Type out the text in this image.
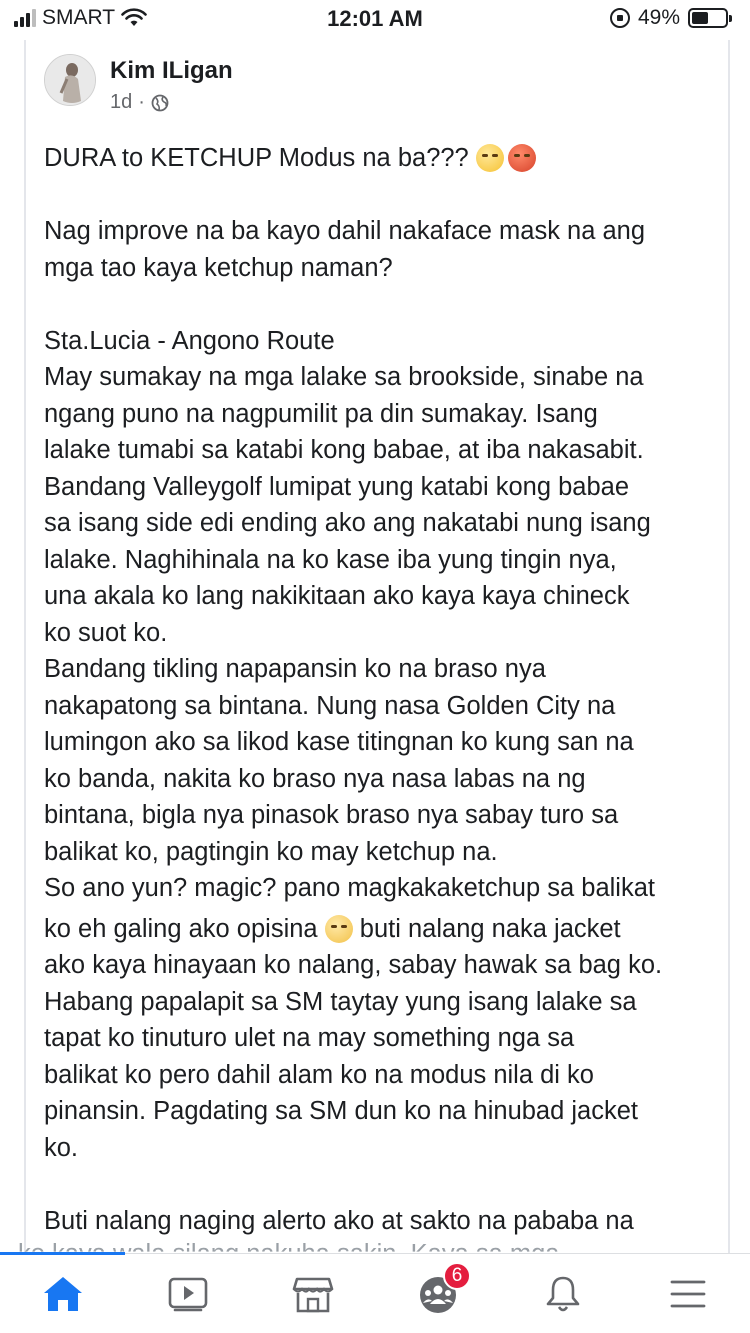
SMART	12:01 AM	49%
Kim ILigan
1d ·

DURA to KETCHUP Modus na ba???

Nag improve na ba kayo dahil nakaface mask na ang

mga tao kaya ketchup naman?

Sta.Lucia - Angono Route

May sumakay na mga lalake sa brookside, sinabe na

ngang puno na nagpumilit pa din sumakay. Isang

lalake tumabi sa katabi kong babae, at iba nakasabit.

Bandang Valleygolf lumipat yung katabi kong babae

sa isang side edi ending ako ang nakatabi nung isang

lalake. Naghihinala na ko kase iba yung tingin nya,

una akala ko lang nakikitaan ako kaya kaya chineck

ko suot ko.

Bandang tikling napapansin ko na braso nya

nakapatong sa bintana. Nung nasa Golden City na

lumingon ako sa likod kase titingnan ko kung san na

ko banda, nakita ko braso nya nasa labas na ng

bintana, bigla nya pinasok braso nya sabay turo sa

balikat ko, pagtingin ko may ketchup na.

So ano yun? magic? pano magkakaketchup sa balikat

ko eh galing ako opisina  buti nalang naka jacket

ako kaya hinayaan ko nalang, sabay hawak sa bag ko.

Habang papalapit sa SM taytay yung isang lalake sa

tapat ko tinuturo ulet na may something nga sa

balikat ko pero dahil alam ko na modus nila di ko

pinansin. Pagdating sa SM dun ko na hinubad jacket

ko.

Buti nalang naging alerto ako at sakto na pababa na

6
